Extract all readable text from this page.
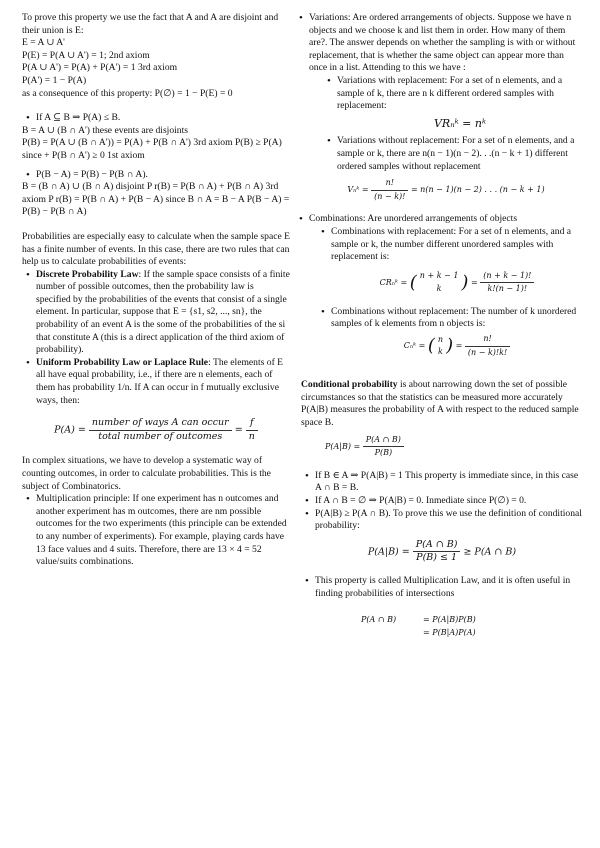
To prove this property we use the fact that A and A are disjoint and their union is E:

E = A ∪ A'

P(E) = P(A ∪ A') = 1; 2nd axiom

P(A ∪ A') = P(A) + P(A') = 1 3rd axiom

P(A') = 1 − P(A)

as a consequence of this property: P(∅) = 1 − P(E) = 0

• If A ⊆ B ⇒ P(A) ≤ B.

B = A ∪ (B ∩ A') these events are disjoints

P(B) = P(A ∪ (B ∩ A')) = P(A) + P(B ∩ A') 3rd axiom P(B) ≥ P(A) since + P(B ∩ A') ≥ 0 1st axiom

• P(B − A) = P(B) − P(B ∩ A).

B = (B ∩ A) ∪ (B ∩ A) disjoint P r(B) = P(B ∩ A) + P(B ∩ A) 3rd axiom P r(B) = P(B ∩ A) + P(B − A) since B ∩ A = B − A P(B − A) = P(B) − P(B ∩ A)

Probabilities are especially easy to calculate when the sample space E has a finite number of events. In this case, there are two rules that can help us to calculate probabilities of events:

• Discrete Probability Law: If the sample space consists of a finite number of possible outcomes, then the probability law is specified by the probabilities of the events that consist of a single element. In particular, suppose that E = {s1, s2, ..., sn}, the probability of an event A is the some of the probabilities of the si that constitute A (this is a direct application of the third axiom of probability).
• Uniform Probability Law or Laplace Rule: The elements of E all have equal probability, i.e., if there are n elements, each of them has probability 1/n. If A can occur in f mutually exclusive ways, then:
$P(A) = \frac{\text{number of ways A can occur}}{\text{total number of outcomes}} = \frac{f}{n}$

In complex situations, we have to develop a systematic way of counting outcomes, in order to calculate probabilities. This is the subject of Combinatorics.

• Multiplication principle: If one experiment has n outcomes and another experiment has m outcomes, there are nm possible outcomes for the two experiments (this principle can be extended to any number of experiments). For example, playing cards have 13 face values and 4 suits. Therefore, there are 13 × 4 = 52 value/suits combinations.
• Variations: Are ordered arrangements of objects. Suppose we have n objects and we choose k and list them in order. How many of them are?. The answer depends on whether the sampling is with or without replacement, that is whether the same object can appear more than once in a list. Attending to this we have :
• Variations with replacement: For a set of n elements, and a sample of k, there are n k different ordered samples with replacement:
VRₙᵏ = nᵏ
• Variations without replacement: For a set of n elements, and a sample or k, there are n(n − 1)(n − 2). . .(n − k + 1) different ordered samples without replacement
Vₙᵏ = $\frac{n!}{(n - k)!} = n(n - 1)(n - 2)$ . . . (n − k + 1)
• Combinations: Are unordered arrangements of objects
• Combinations with replacement: For a set of n elements, and a sample or k, the number different unordered samples with replacement is:
CRₙᵏ = ( n + k − 1
k	) = $\frac{(n + k - 1)!}{k!(n - 1)!}$
• Combinations without replacement: The number of k unordered samples of k elements from n objects is:
Cₙᵏ = ( n
k ) = $\frac{n!}{(n - k)!k!}$

Conditional probability is about narrowing down the set of possible circumstances so that the statistics can be measured more accurately P(A|B) measures the probability of A with respect to the reduced sample space B.

$P(A|B) = \frac{P(A \cap B)}{P(B)}$
• If B ∈ A ⇒ P(A|B) = 1 This property is immediate since, in this case A ∩ B = B.
• If A ∩ B = ∅ ⇒ P(A|B) = 0. Inmediate since P(∅) = 0.
• P(A|B) ≥ P(A ∩ B). To prove this we use the definition of conditional probability:
$P(A|B) = \frac{P(A \cap B)}{P(B) \le 1} \ge P(A$ ∩ B)
• This property is called Multiplication Law, and it is often useful in finding probabilities of intersections
P(A ∩ B)	= P(A|B)P(B)
= P(B|A)P(A)
